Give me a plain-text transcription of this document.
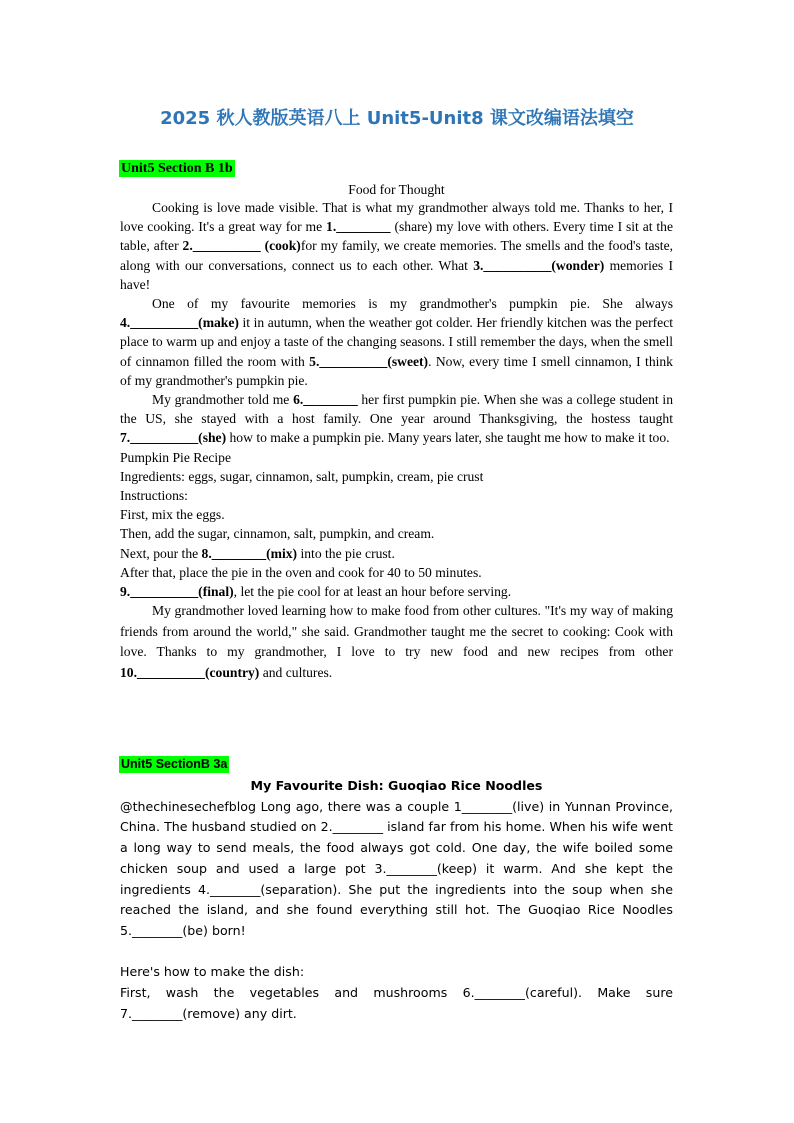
2025 秋人教版英语八上 Unit5-Unit8 课文改编语法填空
Unit5 Section B 1b
Food for Thought
Cooking is love made visible. That is what my grandmother always told me. Thanks to her, I love cooking. It's a great way for me 1.________ (share) my love with others. Every time I sit at the table, after 2.__________ (cook)for my family, we create memories. The smells and the food's taste, along with our conversations, connect us to each other. What 3.__________(wonder) memories I have!
One of my favourite memories is my grandmother's pumpkin pie. She always 4.__________(make) it in autumn, when the weather got colder. Her friendly kitchen was the perfect place to warm up and enjoy a taste of the changing seasons. I still remember the days, when the smell of cinnamon filled the room with 5.__________(sweet). Now, every time I smell cinnamon, I think of my grandmother's pumpkin pie.
My grandmother told me 6.________ her first pumpkin pie. When she was a college student in the US, she stayed with a host family. One year around Thanksgiving, the hostess taught 7.__________(she) how to make a pumpkin pie. Many years later, she taught me how to make it too.
Pumpkin Pie Recipe
Ingredients: eggs, sugar, cinnamon, salt, pumpkin, cream, pie crust
Instructions:
First, mix the eggs.
Then, add the sugar, cinnamon, salt, pumpkin, and cream.
Next, pour the 8.________(mix) into the pie crust.
After that, place the pie in the oven and cook for 40 to 50 minutes.
9.__________(final), let the pie cool for at least an hour before serving.
My grandmother loved learning how to make food from other cultures. "It's my way of making friends from around the world," she said. Grandmother taught me the secret to cooking: Cook with love. Thanks to my grandmother, I love to try new food and new recipes from other 10.__________(country) and cultures.
Unit5 SectionB 3a
My Favourite Dish: Guoqiao Rice Noodles
@thechinesechefblog Long ago, there was a couple 1________(live) in Yunnan Province, China. The husband studied on 2.________ island far from his home. When his wife went a long way to send meals, the food always got cold. One day, the wife boiled some chicken soup and used a large pot 3.________(keep) it warm. And she kept the ingredients 4.________(separation). She put the ingredients into the soup when she reached the island, and she found everything still hot. The Guoqiao Rice Noodles 5.________(be) born!
Here's how to make the dish:
First, wash the vegetables and mushrooms 6.________(careful). Make sure 7.________(remove) any dirt.
